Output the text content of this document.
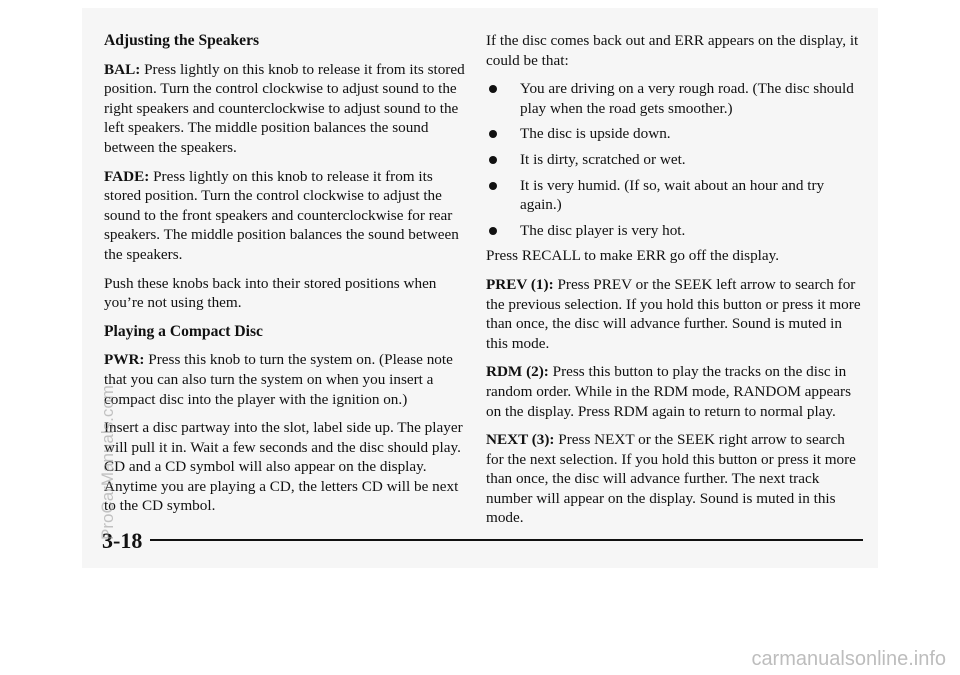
Adjusting the Speakers

BAL: Press lightly on this knob to release it from its stored position. Turn the control clockwise to adjust sound to the right speakers and counterclockwise to adjust sound to the left speakers. The middle position balances the sound between the speakers.

FADE: Press lightly on this knob to release it from its stored position. Turn the control clockwise to adjust the sound to the front speakers and counterclockwise for rear speakers. The middle position balances the sound between the speakers.

Push these knobs back into their stored positions when you’re not using them.

Playing a Compact Disc

PWR: Press this knob to turn the system on. (Please note that you can also turn the system on when you insert a compact disc into the player with the ignition on.)

Insert a disc partway into the slot, label side up. The player will pull it in. Wait a few seconds and the disc should play. CD and a CD symbol will also appear on the display. Anytime you are playing a CD, the letters CD will be next to the CD symbol.

If the disc comes back out and ERR appears on the display, it could be that:

You are driving on a very rough road. (The disc should play when the road gets smoother.)
The disc is upside down.
It is dirty, scratched or wet.
It is very humid. (If so, wait about an hour and try again.)
The disc player is very hot.

Press RECALL to make ERR go off the display.

PREV (1): Press PREV or the SEEK left arrow to search for the previous selection. If you hold this button or press it more than once, the disc will advance further. Sound is muted in this mode.

RDM (2): Press this button to play the tracks on the disc in random order. While in the RDM mode, RANDOM appears on the display. Press RDM again to return to normal play.

NEXT (3): Press NEXT or the SEEK right arrow to search for the next selection. If you hold this button or press it more than once, the disc will advance further. The next track number will appear on the display. Sound is muted in this mode.

3-18
ProCarManuals.com
carmanualsonline.info
